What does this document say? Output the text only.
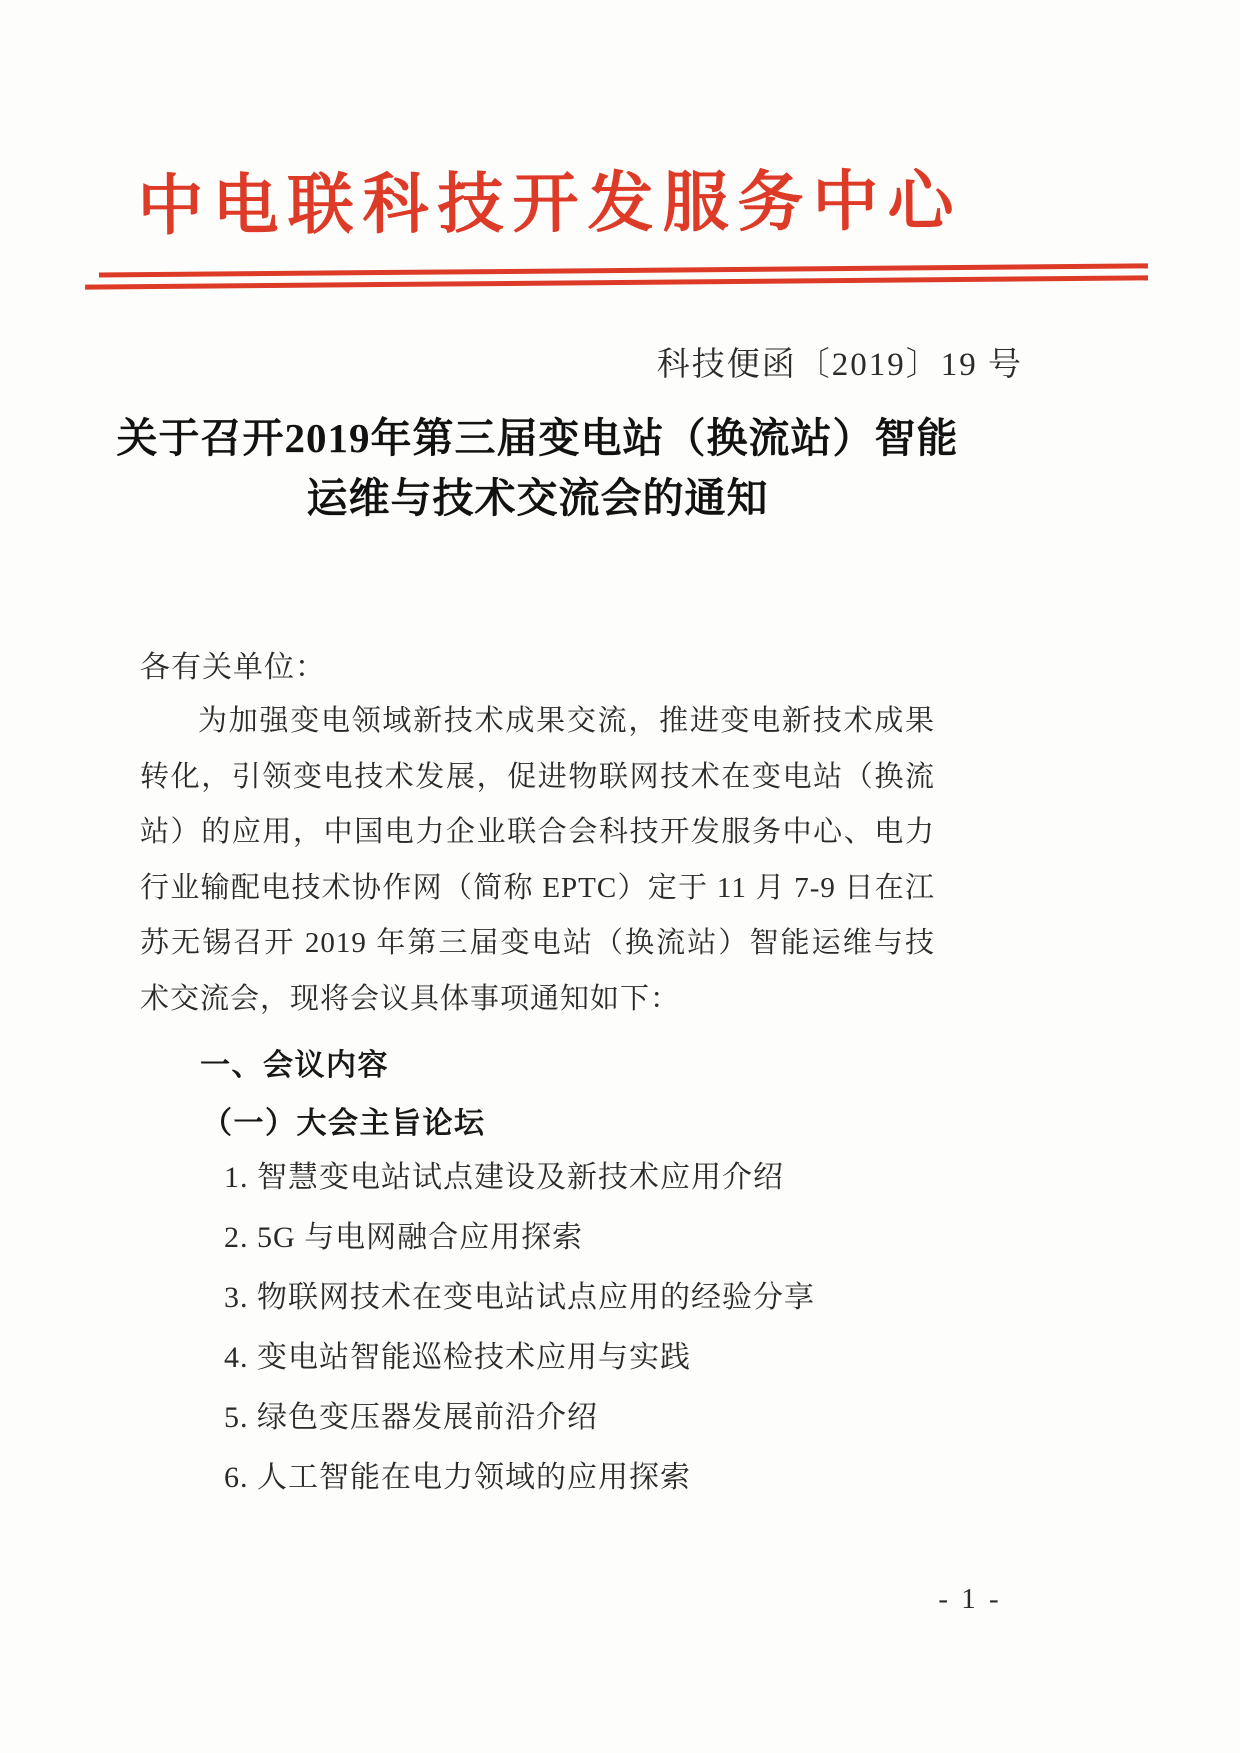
中电联科技开发服务中心
科技便函〔2019〕19 号
关于召开2019年第三届变电站（换流站）智能
运维与技术交流会的通知
各有关单位：
为加强变电领域新技术成果交流，推进变电新技术成果转化，引领变电技术发展，促进物联网技术在变电站（换流站）的应用，中国电力企业联合会科技开发服务中心、电力行业输配电技术协作网（简称 EPTC）定于 11 月 7-9 日在江苏无锡召开 2019 年第三届变电站（换流站）智能运维与技术交流会，现将会议具体事项通知如下：
一、会议内容
（一）大会主旨论坛
1. 智慧变电站试点建设及新技术应用介绍
2. 5G 与电网融合应用探索
3. 物联网技术在变电站试点应用的经验分享
4. 变电站智能巡检技术应用与实践
5. 绿色变压器发展前沿介绍
6. 人工智能在电力领域的应用探索
- 1 -
